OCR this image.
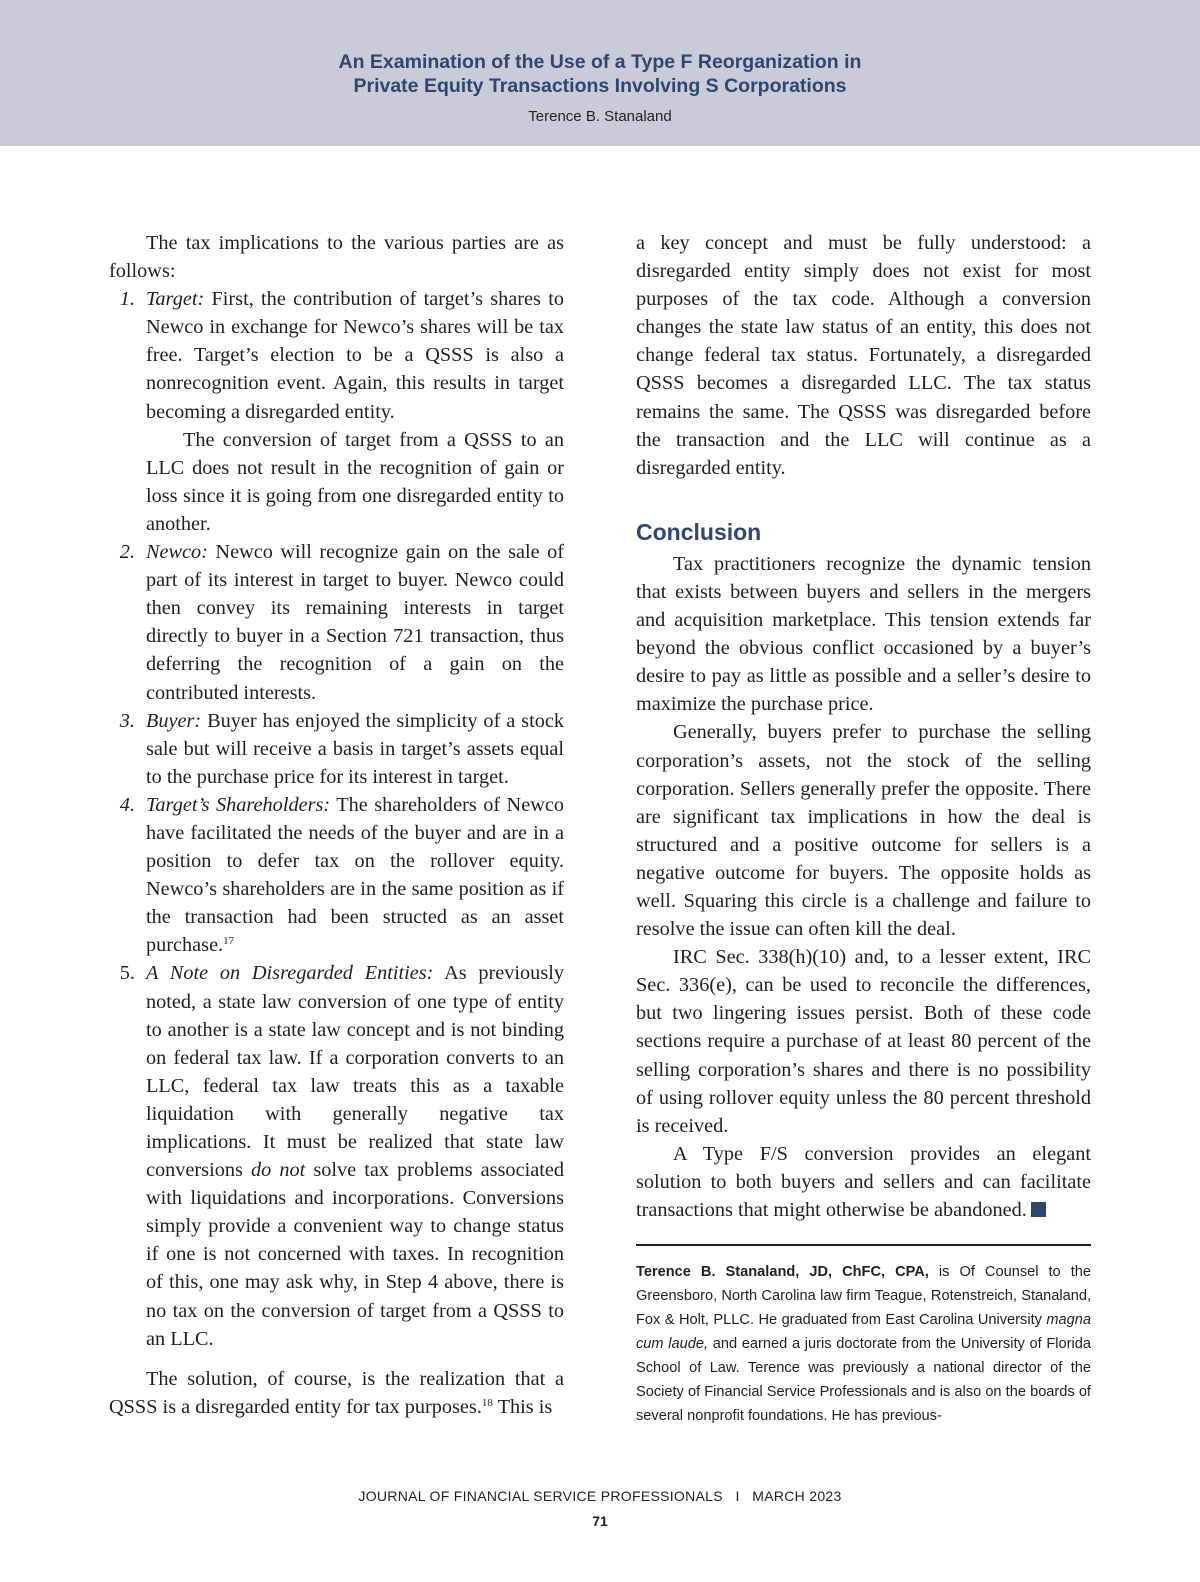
An Examination of the Use of a Type F Reorganization in
Private Equity Transactions Involving S Corporations
Terence B. Stanaland

The tax implications to the various parties are as follows:

1. Target: First, the contribution of target’s shares to Newco in exchange for Newco’s shares will be tax free. Target’s election to be a QSSS is also a nonrecognition event. Again, this results in target becoming a disregarded entity.

The conversion of target from a QSSS to an LLC does not result in the recognition of gain or loss since it is going from one disregarded entity to another.

2. Newco: Newco will recognize gain on the sale of part of its interest in target to buyer. Newco could then convey its remaining interests in target directly to buyer in a Section 721 transaction, thus deferring the recognition of a gain on the contributed interests.

3. Buyer: Buyer has enjoyed the simplicity of a stock sale but will receive a basis in target’s assets equal to the purchase price for its interest in target.

4. Target’s Shareholders: The shareholders of Newco have facilitated the needs of the buyer and are in a position to defer tax on the rollover equity. Newco’s shareholders are in the same position as if the transaction had been structed as an asset purchase.$^{17}$

5. A Note on Disregarded Entities: As previously noted, a state law conversion of one type of entity to another is a state law concept and is not binding on federal tax law. If a corporation converts to an LLC, federal tax law treats this as a taxable liquidation with generally negative tax implications. It must be realized that state law conversions do not solve tax problems associated with liquidations and incorporations. Conversions simply provide a convenient way to change status if one is not concerned with taxes. In recognition of this, one may ask why, in Step 4 above, there is no tax on the conversion of target from a QSSS to an LLC.

The solution, of course, is the realization that a QSSS is a disregarded entity for tax purposes.$^{18}$ This is

a key concept and must be fully understood: a disregarded entity simply does not exist for most purposes of the tax code. Although a conversion changes the state law status of an entity, this does not change federal tax status. Fortunately, a disregarded QSSS becomes a disregarded LLC. The tax status remains the same. The QSSS was disregarded before the transaction and the LLC will continue as a disregarded entity.

Conclusion

Tax practitioners recognize the dynamic tension that exists between buyers and sellers in the mergers and acquisition marketplace. This tension extends far beyond the obvious conflict occasioned by a buyer’s desire to pay as little as possible and a seller’s desire to maximize the purchase price.

Generally, buyers prefer to purchase the selling corporation’s assets, not the stock of the selling corporation. Sellers generally prefer the opposite. There are significant tax implications in how the deal is structured and a positive outcome for sellers is a negative outcome for buyers. The opposite holds as well. Squaring this circle is a challenge and failure to resolve the issue can often kill the deal.

IRC Sec. 338(h)(10) and, to a lesser extent, IRC Sec. 336(e), can be used to reconcile the differences, but two lingering issues persist. Both of these code sections require a purchase of at least 80 percent of the selling corporation’s shares and there is no possibility of using rollover equity unless the 80 percent threshold is received.

A Type F/S conversion provides an elegant solution to both buyers and sellers and can facilitate transactions that might otherwise be abandoned.

Terence B. Stanaland, JD, ChFC, CPA, is Of Counsel to the Greensboro, North Carolina law firm Teague, Rotenstreich, Stanaland, Fox & Holt, PLLC. He graduated from East Carolina University magna cum laude, and earned a juris doctorate from the University of Florida School of Law. Terence was previously a national director of the Society of Financial Service Professionals and is also on the boards of several nonprofit foundations. He has previous-

JOURNAL OF FINANCIAL SERVICE PROFESSIONALS   I   MARCH 2023
71
